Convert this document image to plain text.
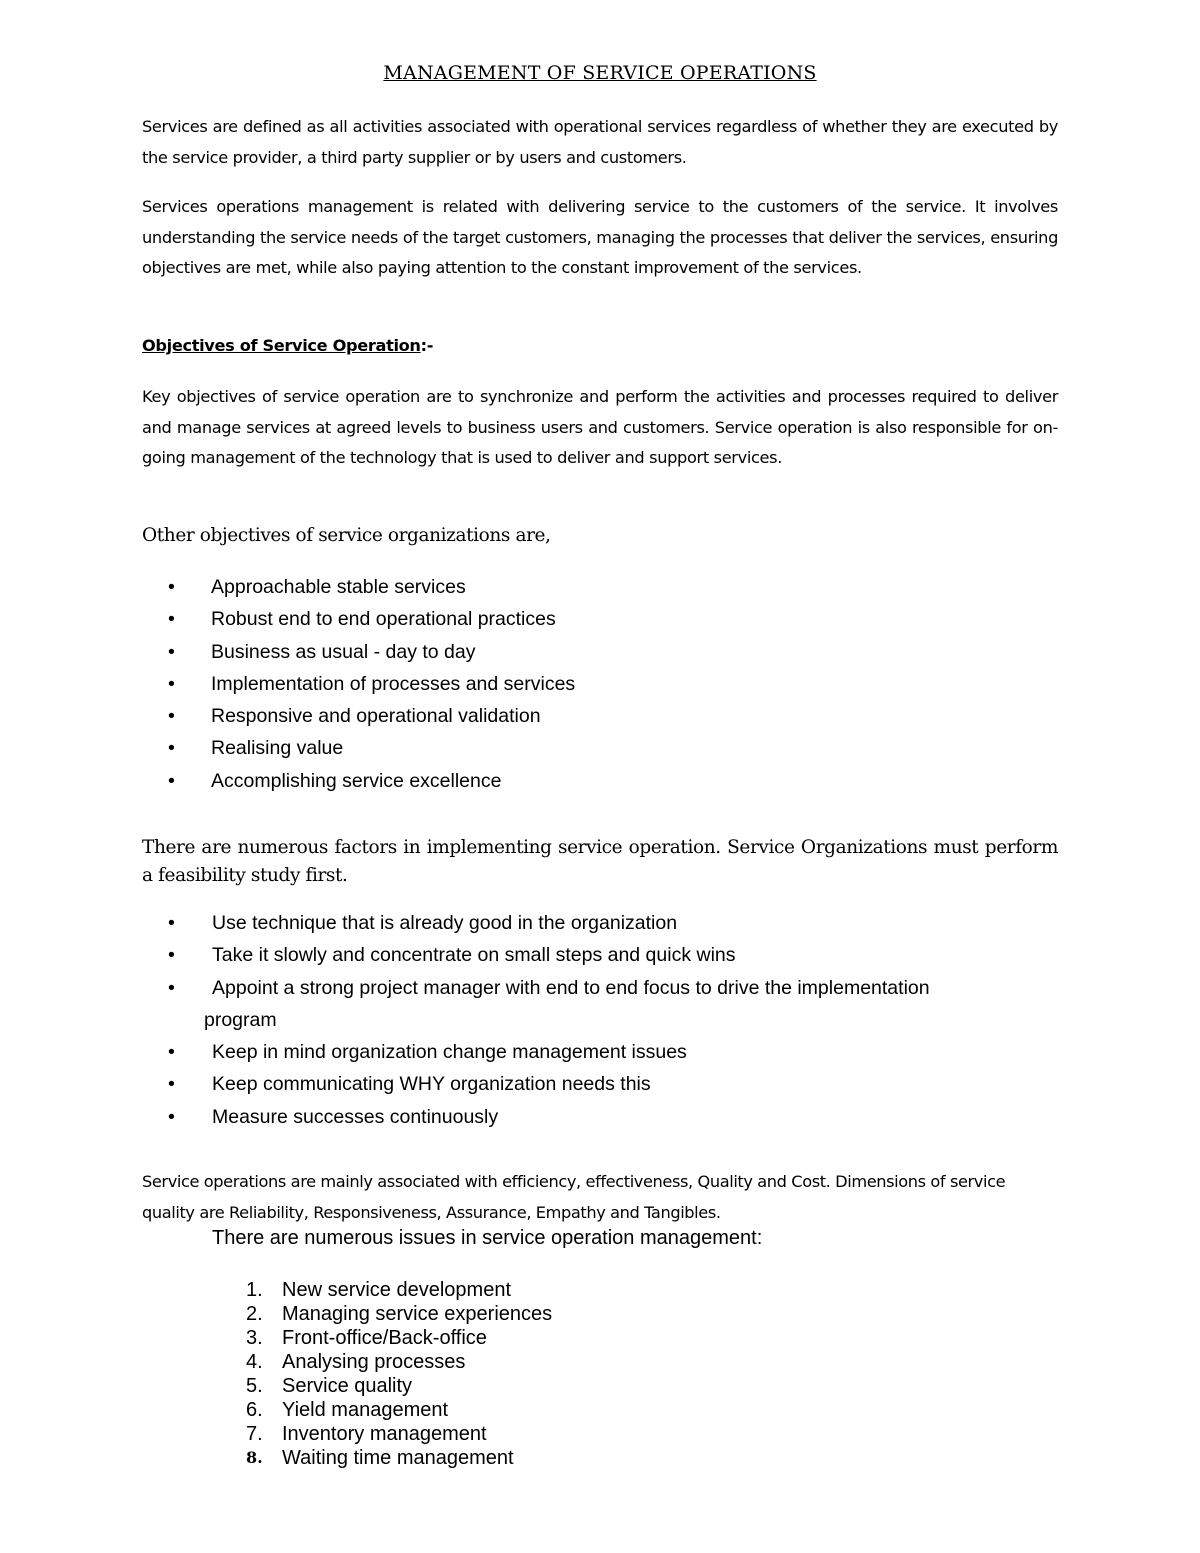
MANAGEMENT OF SERVICE OPERATIONS

Services are defined as all activities associated with operational services regardless of whether they are executed by the service provider, a third party supplier or by users and customers.

Services operations management is related with delivering service to the customers of the service. It involves understanding the service needs of the target customers, managing the processes that deliver the services, ensuring objectives are met, while also paying attention to the constant improvement of the services.

Objectives of Service Operation:-

Key objectives of service operation are to synchronize and perform the activities and processes required to deliver and manage services at agreed levels to business users and customers. Service operation is also responsible for on-going management of the technology that is used to deliver and support services.

Other objectives of service organizations are,

• Approachable stable services
• Robust end to end operational practices
• Business as usual - day to day
• Implementation of processes and services
• Responsive and operational validation
• Realising value
• Accomplishing service excellence

There are numerous factors in implementing service operation. Service Organizations must perform a feasibility study first.

• Use technique that is already good in the organization
• Take it slowly and concentrate on small steps and quick wins
• Appoint a strong project manager with end to end focus to drive the implementation
program
• Keep in mind organization change management issues
• Keep communicating WHY organization needs this
• Measure successes continuously

Service operations are mainly associated with efficiency, effectiveness, Quality and Cost. Dimensions of service quality are Reliability, Responsiveness, Assurance, Empathy and Tangibles.

There are numerous issues in service operation management:

1. New service development
2. Managing service experiences
3. Front-office/Back-office
4. Analysing processes
5. Service quality
6. Yield management
7. Inventory management
8. Waiting time management
